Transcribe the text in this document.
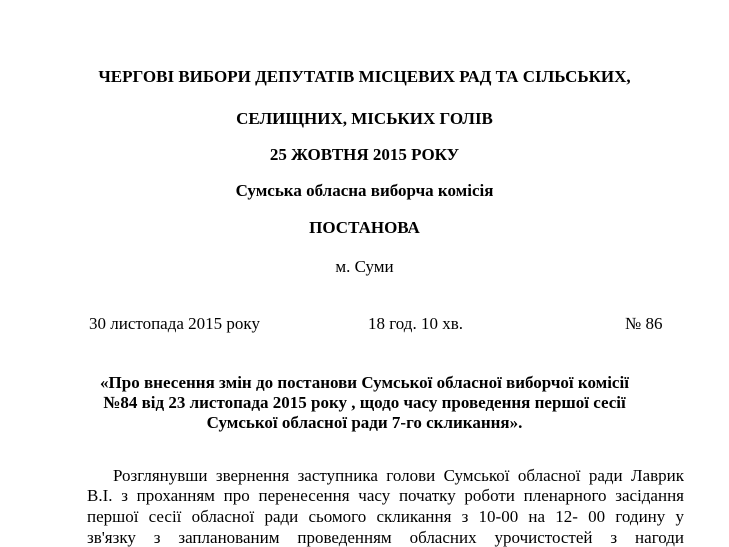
ЧЕРГОВІ ВИБОРИ ДЕПУТАТІВ МІСЦЕВИХ РАД ТА СІЛЬСЬКИХ,
СЕЛИЩНИХ, МІСЬКИХ ГОЛІВ
25 ЖОВТНЯ 2015 РОКУ
Сумська обласна виборча комісія
ПОСТАНОВА
м. Суми
30 листопада 2015 року	18 год. 10 хв.	№ 86
«Про внесення змін до постанови Сумської обласної виборчої комісії
№84 від 23 листопада 2015 року , щодо часу проведення першої сесії
Сумської обласної ради 7-го скликання».
Розглянувши звернення заступника голови Сумської обласної ради Лаврик
В.І. з проханням про перенесення часу початку роботи пленарного засідання
першої сесії обласної ради сьомого скликання з 10-00 на 12- 00 годину у
зв'язку з запланованим проведенням обласних урочистостей з нагоди
